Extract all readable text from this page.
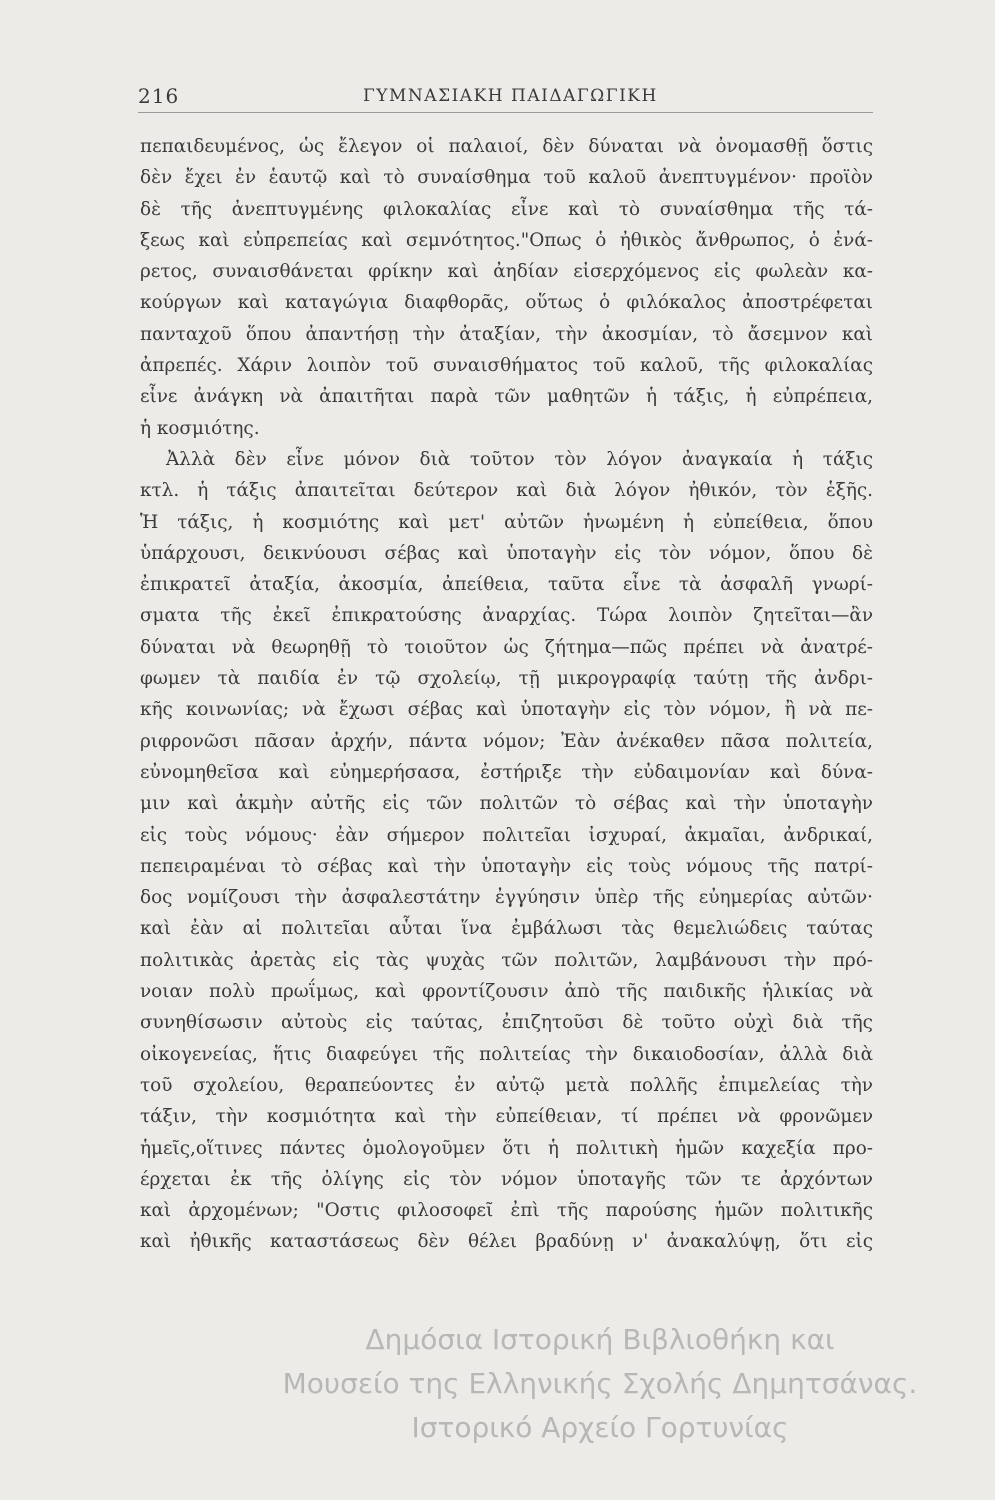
216	ΓΥΜΝΑΣΙΑΚΗ ΠΑΙΔΑΓΩΓΙΚΗ
πεπαιδευμένος, ὡς ἔλεγον οἱ παλαιοί, δὲν δύναται νὰ ὀνομασθῇ ὅστις
δὲν ἔχει ἐν ἑαυτῷ καὶ τὸ συναίσθημα τοῦ καλοῦ ἀνεπτυγμένον· προϊὸν
δὲ τῆς ἀνεπτυγμένης φιλοκαλίας εἶνε καὶ τὸ συναίσθημα τῆς τά-
ξεως καὶ εὐπρεπείας καὶ σεμνότητος."Οπως ὁ ἠθικὸς ἄνθρωπος, ὁ ἐνά-
ρετος, συναισθάνεται φρίκην καὶ ἀηδίαν εἰσερχόμενος εἰς φωλεὰν κα-
κούργων καὶ καταγώγια διαφθορᾶς, οὕτως ὁ φιλόκαλος ἀποστρέφεται
πανταχοῦ ὅπου ἀπαντήσῃ τὴν ἀταξίαν, τὴν ἀκοσμίαν, τὸ ἄσεμνον καὶ
ἀπρεπές. Χάριν λοιπὸν τοῦ συναισθήματος τοῦ καλοῦ, τῆς φιλοκαλίας
εἶνε ἀνάγκη νὰ ἀπαιτῆται παρὰ τῶν μαθητῶν ἡ τάξις, ἡ εὐπρέπεια,
ἡ κοσμιότης.
Ἀλλὰ δὲν εἶνε μόνον διὰ τοῦτον τὸν λόγον ἀναγκαία ἡ τάξις
κτλ. ἡ τάξις ἀπαιτεῖται δεύτερον καὶ διὰ λόγον ἠθικόν, τὸν ἑξῆς.
Ἡ τάξις, ἡ κοσμιότης καὶ μετ' αὐτῶν ἡνωμένη ἡ εὐπείθεια, ὅπου
ὑπάρχουσι, δεικνύουσι σέβας καὶ ὑποταγὴν εἰς τὸν νόμον, ὅπου δὲ
ἐπικρατεῖ ἀταξία, ἀκοσμία, ἀπείθεια, ταῦτα εἶνε τὰ ἀσφαλῆ γνωρί-
σματα τῆς ἐκεῖ ἐπικρατούσης ἀναρχίας. Τώρα λοιπὸν ζητεῖται—ἂν
δύναται νὰ θεωρηθῇ τὸ τοιοῦτον ὡς ζήτημα—πῶς πρέπει νὰ ἀνατρέ-
φωμεν τὰ παιδία ἐν τῷ σχολείῳ, τῇ μικρογραφίᾳ ταύτῃ τῆς ἀνδρι-
κῆς κοινωνίας; νὰ ἔχωσι σέβας καὶ ὑποταγὴν εἰς τὸν νόμον, ἢ νὰ πε-
ριφρονῶσι πᾶσαν ἀρχήν, πάντα νόμον; Ἐὰν ἀνέκαθεν πᾶσα πολιτεία,
εὐνομηθεῖσα καὶ εὐημερήσασα, ἐστήριξε τὴν εὐδαιμονίαν καὶ δύνα-
μιν καὶ ἀκμὴν αὐτῆς εἰς τῶν πολιτῶν τὸ σέβας καὶ τὴν ὑποταγὴν
εἰς τοὺς νόμους· ἐὰν σήμερον πολιτεῖαι ἰσχυραί, ἀκμαῖαι, ἀνδρικαί,
πεπειραμέναι τὸ σέβας καὶ τὴν ὑποταγὴν εἰς τοὺς νόμους τῆς πατρί-
δος νομίζουσι τὴν ἀσφαλεστάτην ἐγγύησιν ὑπὲρ τῆς εὐημερίας αὐτῶν·
καὶ ἐὰν αἱ πολιτεῖαι αὗται ἵνα ἐμβάλωσι τὰς θεμελιώδεις ταύτας
πολιτικὰς ἀρετὰς εἰς τὰς ψυχὰς τῶν πολιτῶν, λαμβάνουσι τὴν πρό-
νοιαν πολὺ πρωΐμως, καὶ φροντίζουσιν ἀπὸ τῆς παιδικῆς ἡλικίας νὰ
συνηθίσωσιν αὐτοὺς εἰς ταύτας, ἐπιζητοῦσι δὲ τοῦτο οὐχὶ διὰ τῆς
οἰκογενείας, ἥτις διαφεύγει τῆς πολιτείας τὴν δικαιοδοσίαν, ἀλλὰ διὰ
τοῦ σχολείου, θεραπεύοντες ἐν αὐτῷ μετὰ πολλῆς ἐπιμελείας τὴν
τάξιν, τὴν κοσμιότητα καὶ τὴν εὐπείθειαν, τί πρέπει νὰ φρονῶμεν
ἡμεῖς,οἵτινες πάντες ὁμολογοῦμεν ὅτι ἡ πολιτικὴ ἡμῶν καχεξία προ-
έρχεται ἐκ τῆς ὀλίγης εἰς τὸν νόμον ὑποταγῆς τῶν τε ἀρχόντων
καὶ ἀρχομένων; "Οστις φιλοσοφεῖ ἐπὶ τῆς παρούσης ἡμῶν πολιτικῆς
καὶ ἠθικῆς καταστάσεως δὲν θέλει βραδύνῃ ν' ἀνακαλύψῃ, ὅτι εἰς
Δημόσια Ιστορική Βιβλιοθήκη και
Μουσείο της Ελληνικής Σχολής Δημητσάνας.
Ιστορικό Αρχείο Γορτυνίας
